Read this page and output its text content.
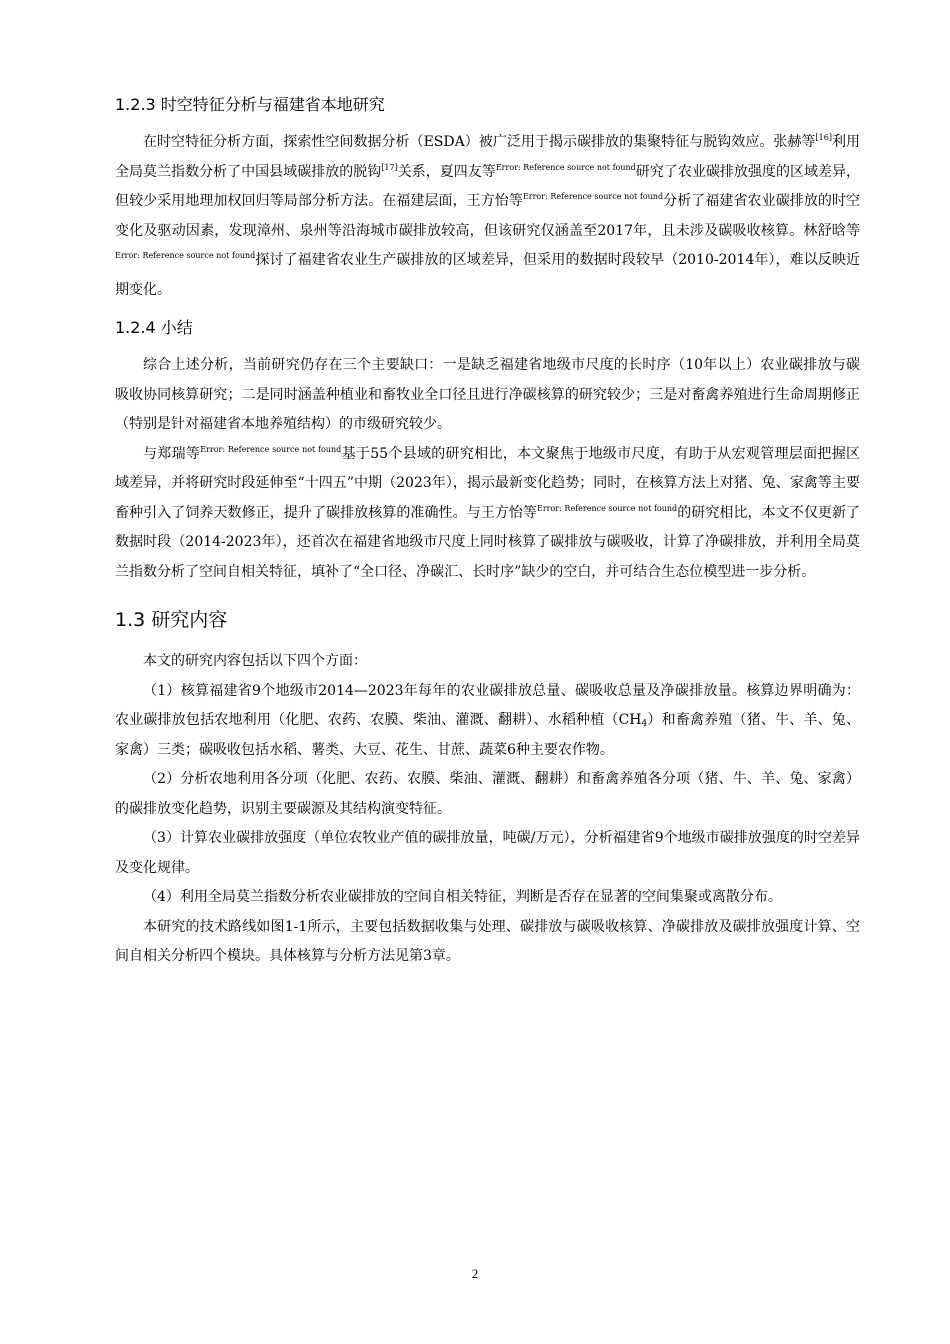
1.2.3 时空特征分析与福建省本地研究

在时空特征分析方面，探索性空间数据分析（ESDA）被广泛用于揭示碳排放的集聚特征与脱钩效应。张赫等[16]利用全局莫兰指数分析了中国县域碳排放的脱钩[17]关系，夏四友等$^{Error: Reference source not found}$研究了农业碳排放强度的区域差异，但较少采用地理加权回归等局部分析方法。在福建层面，王方怡等$^{Error: Reference source not found}$分析了福建省农业碳排放的时空变化及驱动因素，发现漳州、泉州等沿海城市碳排放较高，但该研究仅涵盖至2017年，且未涉及碳吸收核算。林舒晗等$^{Error: Reference source not found}$探讨了福建省农业生产碳排放的区域差异，但采用的数据时段较早（2010-2014年），难以反映近期变化。

1.2.4 小结

综合上述分析，当前研究仍存在三个主要缺口：一是缺乏福建省地级市尺度的长时序（10年以上）农业碳排放与碳吸收协同核算研究；二是同时涵盖种植业和畜牧业全口径且进行净碳核算的研究较少；三是对畜禽养殖进行生命周期修正（特别是针对福建省本地养殖结构）的市级研究较少。

与郑瑞等$^{Error: Reference source not found}$基于55个县域的研究相比，本文聚焦于地级市尺度，有助于从宏观管理层面把握区域差异，并将研究时段延伸至“十四五”中期（2023年），揭示最新变化趋势；同时，在核算方法上对猪、兔、家禽等主要畜种引入了饲养天数修正，提升了碳排放核算的准确性。与王方怡等$^{Error: Reference source not found}$的研究相比，本文不仅更新了数据时段（2014-2023年），还首次在福建省地级市尺度上同时核算了碳排放与碳吸收，计算了净碳排放，并利用全局莫兰指数分析了空间自相关特征，填补了“全口径、净碳汇、长时序”缺少的空白，并可结合生态位模型进一步分析。

1.3 研究内容

本文的研究内容包括以下四个方面：

（1）核算福建省9个地级市2014—2023年每年的农业碳排放总量、碳吸收总量及净碳排放量。核算边界明确为：农业碳排放包括农地利用（化肥、农药、农膜、柴油、灌溉、翻耕）、水稻种植$(CH_4)$和畜禽养殖（猪、牛、羊、兔、家禽）三类；碳吸收包括水稻、薯类、大豆、花生、甘蔗、蔬菜6种主要农作物。

（2）分析农地利用各分项（化肥、农药、农膜、柴油、灌溉、翻耕）和畜禽养殖各分项（猪、牛、羊、兔、家禽）的碳排放变化趋势，识别主要碳源及其结构演变特征。

（3）计算农业碳排放强度（单位农牧业产值的碳排放量，吨碳/万元），分析福建省9个地级市碳排放强度的时空差异及变化规律。

（4）利用全局莫兰指数分析农业碳排放的空间自相关特征，判断是否存在显著的空间集聚或离散分布。

本研究的技术路线如图1-1所示，主要包括数据收集与处理、碳排放与碳吸收核算、净碳排放及碳排放强度计算、空间自相关分析四个模块。具体核算与分析方法见第3章。

2
